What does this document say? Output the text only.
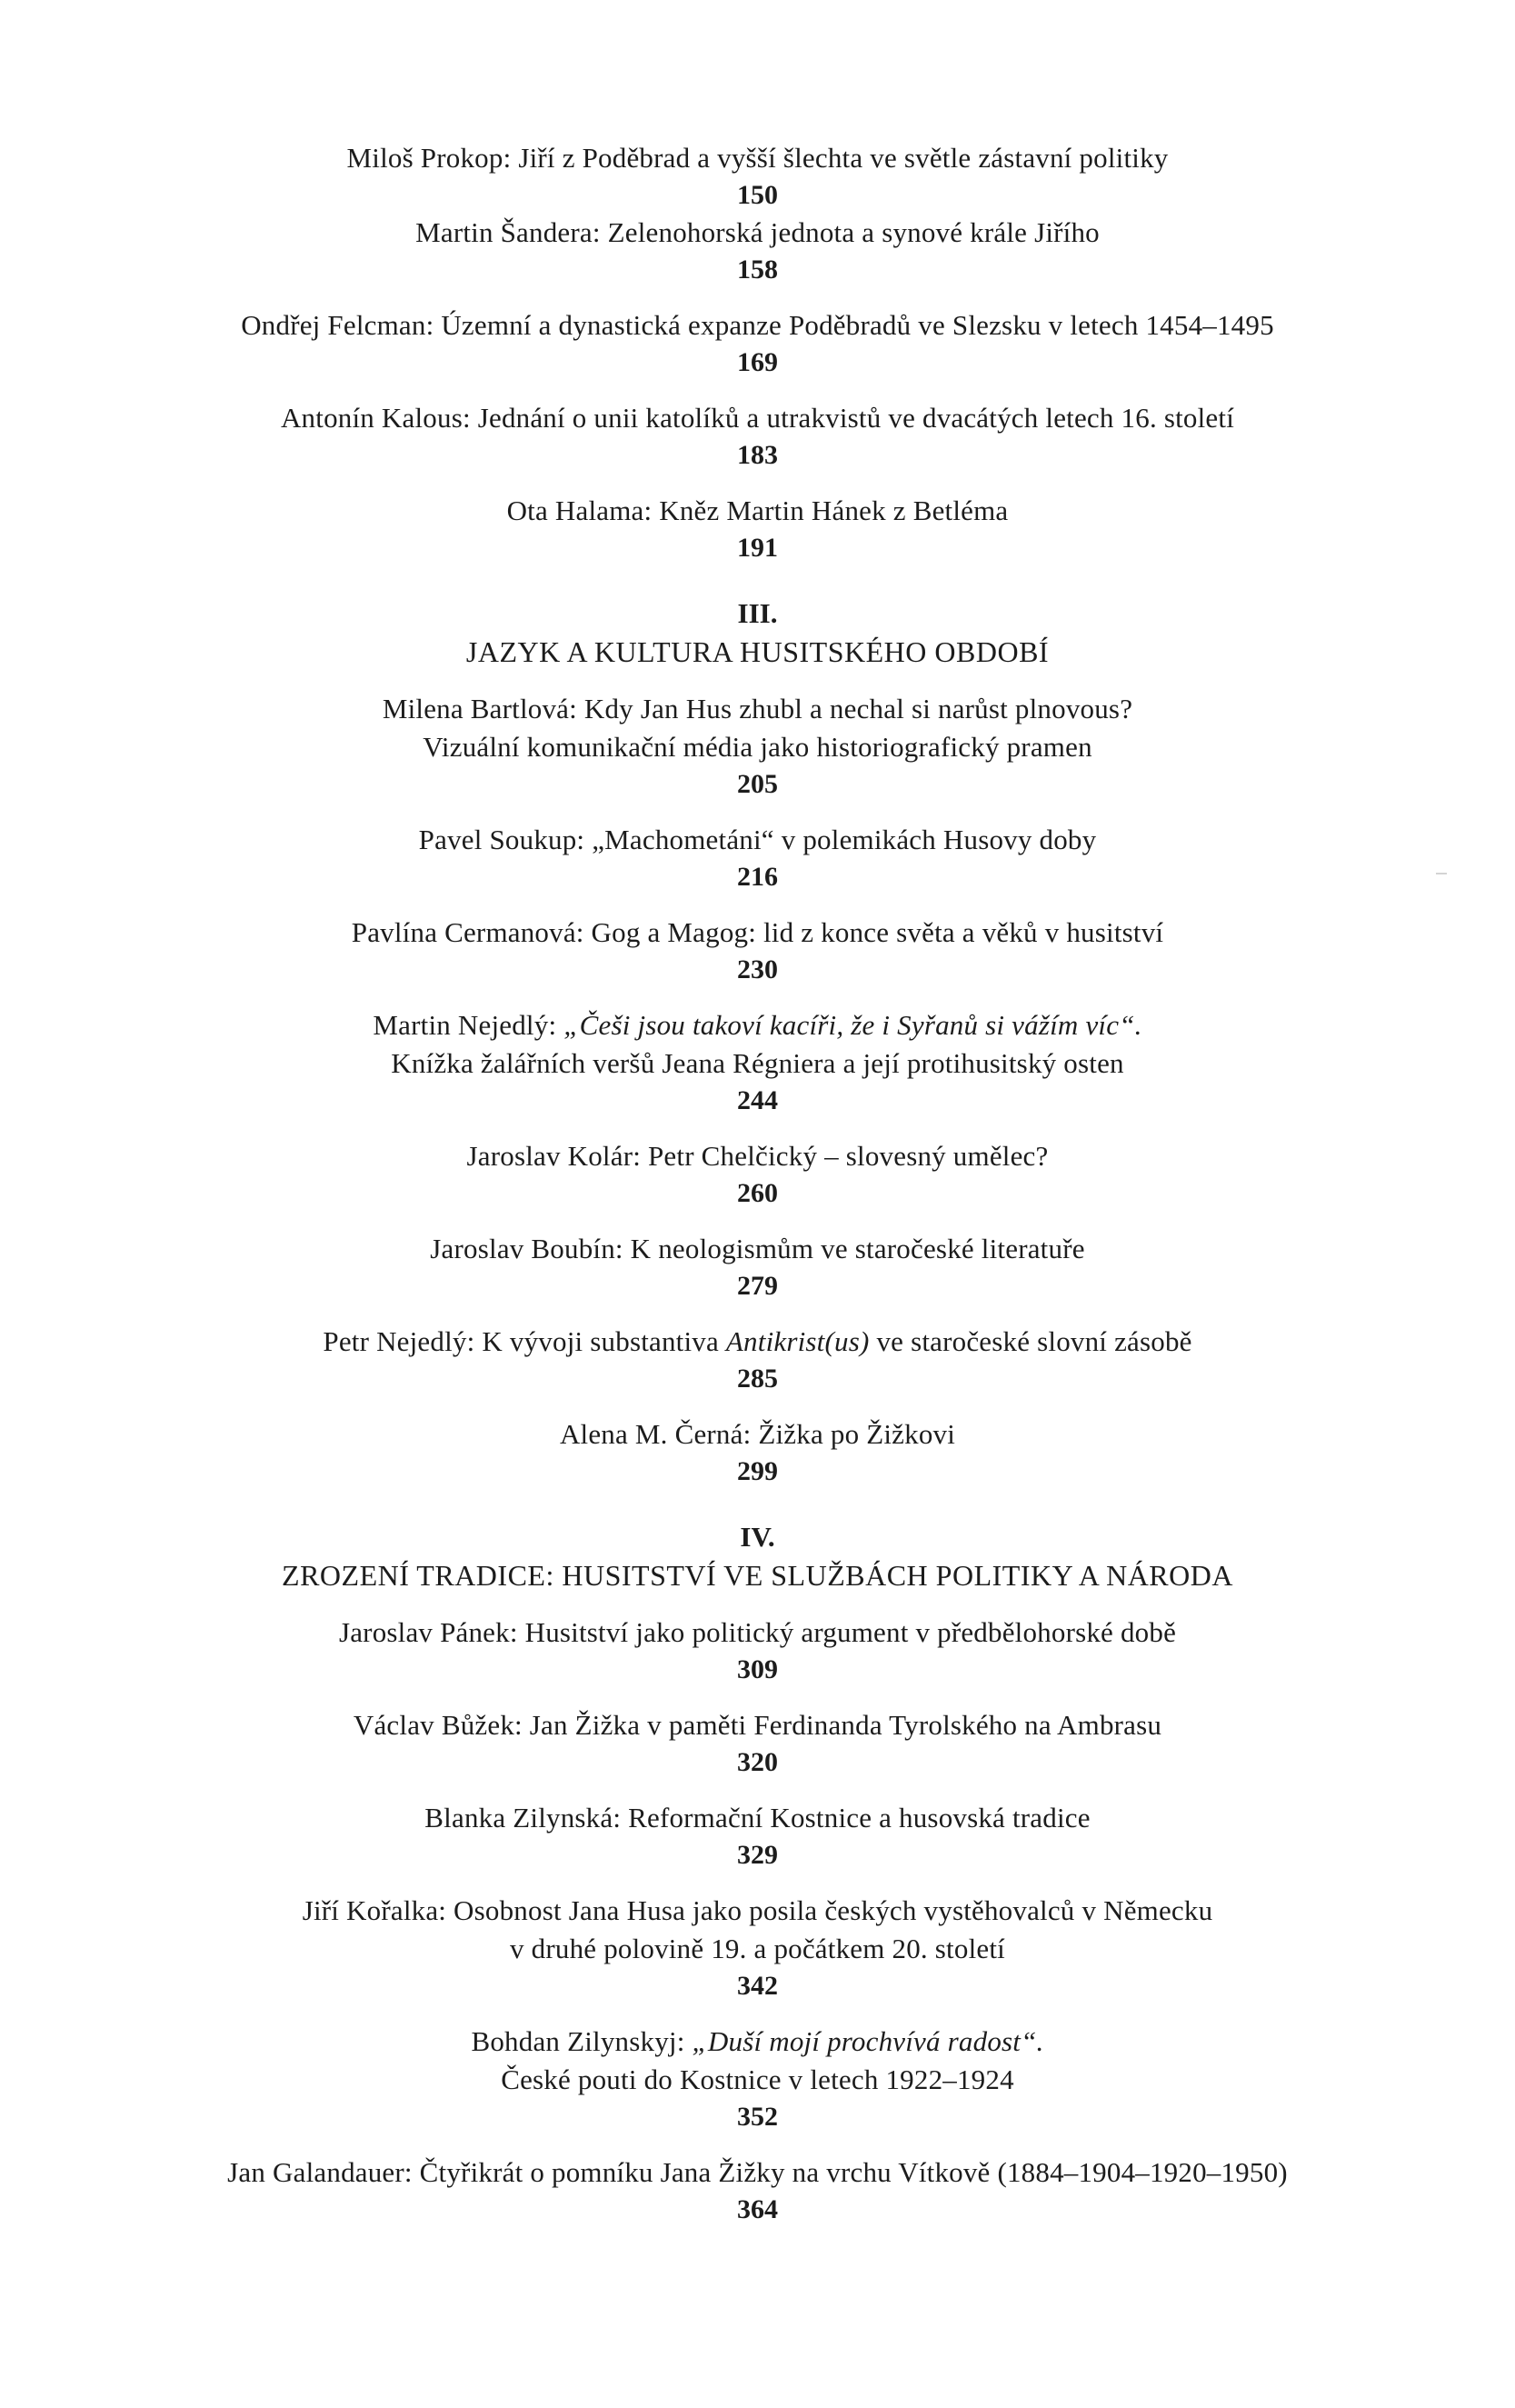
Miloš Prokop: Jiří z Poděbrad a vyšší šlechta ve světle zástavní politiky
150
Martin Šandera: Zelenohorská jednota a synové krále Jiřího
158
Ondřej Felcman: Územní a dynastická expanze Poděbradů ve Slezsku v letech 1454–1495
169
Antonín Kalous: Jednání o unii katolíků a utrakvistů ve dvacátých letech 16. století
183
Ota Halama: Kněz Martin Hánek z Betléma
191
III.
JAZYK A KULTURA HUSITSKÉHO OBDOBÍ
Milena Bartlová: Kdy Jan Hus zhubl a nechal si narůst plnovous?
Vizuální komunikační média jako historiografický pramen
205
Pavel Soukup: „Machometáni“ v polemikách Husovy doby
216
Pavlína Cermanová: Gog a Magog: lid z konce světa a věků v husitství
230
Martin Nejedlý: „Češi jsou takoví kacíři, že i Syřanů si vážím víc“.
Knížka žalářních veršů Jeana Régniera a její protihusitský osten
244
Jaroslav Kolár: Petr Chelčický – slovesný umělec?
260
Jaroslav Boubín: K neologismům ve staročeské literatuře
279
Petr Nejedlý: K vývoji substantiva Antikrist(us) ve staročeské slovní zásobě
285
Alena M. Černá: Žižka po Žižkovi
299
IV.
ZROZENÍ TRADICE: HUSITSTVÍ VE SLUŽBÁCH POLITIKY A NÁRODA
Jaroslav Pánek: Husitství jako politický argument v předbělohorské době
309
Václav Bůžek: Jan Žižka v paměti Ferdinanda Tyrolského na Ambrasu
320
Blanka Zilynská: Reformační Kostnice a husovská tradice
329
Jiří Kořalka: Osobnost Jana Husa jako posila českých vystěhovalců v Německu
v druhé polovině 19. a počátkem 20. století
342
Bohdan Zilynskyj: „Duší mojí prochvívá radost“.
České pouti do Kostnice v letech 1922–1924
352
Jan Galandauer: Čtyřikrát o pomníku Jana Žižky na vrchu Vítkově (1884–1904–1920–1950)
364
